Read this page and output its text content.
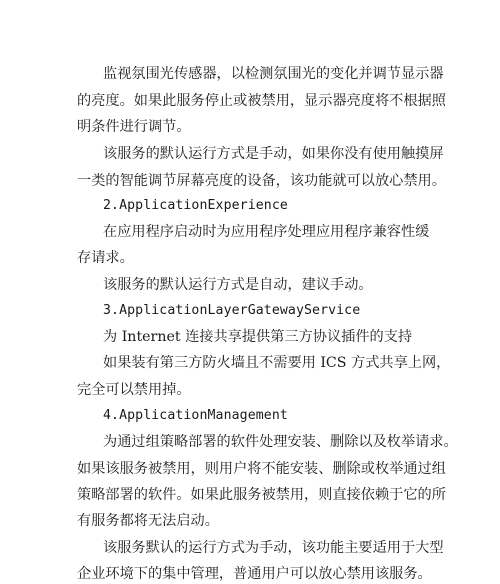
监视氛围光传感器，以检测氛围光的变化并调节显示器
的亮度。如果此服务停止或被禁用，显示器亮度将不根据照
明条件进行调节。
该服务的默认运行方式是手动，如果你没有使用触摸屏
一类的智能调节屏幕亮度的设备，该功能就可以放心禁用。
2.ApplicationExperience
在应用程序启动时为应用程序处理应用程序兼容性缓
存请求。
该服务的默认运行方式是自动，建议手动。
3.ApplicationLayerGatewayService
为 Internet 连接共享提供第三方协议插件的支持
如果装有第三方防火墙且不需要用 ICS 方式共享上网，
完全可以禁用掉。
4.ApplicationManagement
为通过组策略部署的软件处理安装、删除以及枚举请求。
如果该服务被禁用，则用户将不能安装、删除或枚举通过组
策略部署的软件。如果此服务被禁用，则直接依赖于它的所
有服务都将无法启动。
该服务默认的运行方式为手动，该功能主要适用于大型
企业环境下的集中管理，普通用户可以放心禁用该服务。
